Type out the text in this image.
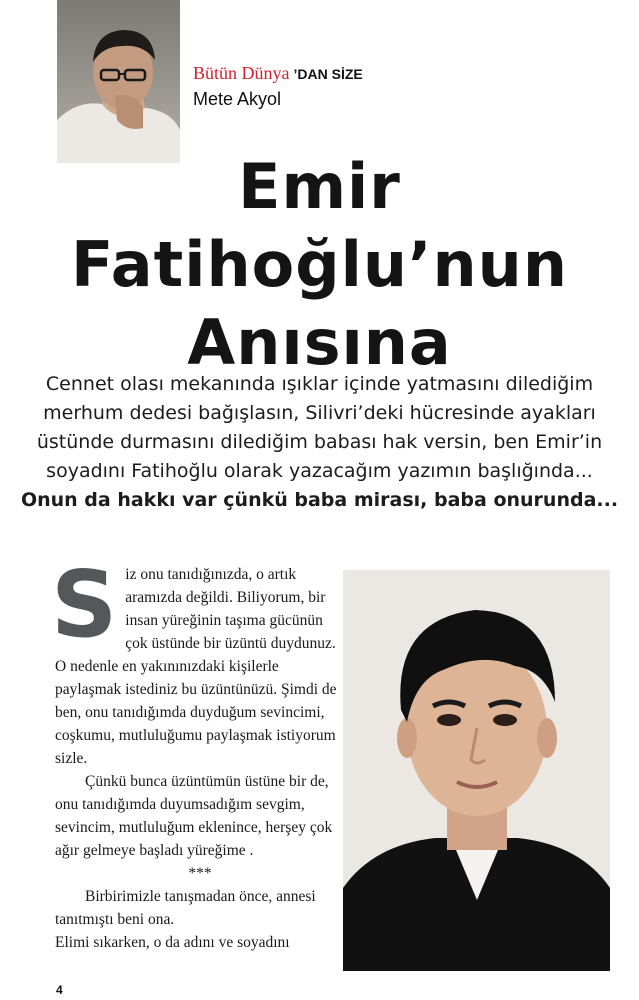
Bütün Dünya ’DAN SİZE
Mete Akyol
Emir
Fatihoğlu’nun
Anısına

Cennet olası mekanında ışıklar içinde yatmasını dilediğim merhum dedesi bağışlasın, Silivri’deki hücresinde ayakları üstünde durmasını dilediğim babası hak versin, ben Emir’in soyadını Fatihoğlu olarak yazacağım yazımın başlığında... Onun da hakkı var çünkü baba mirası, baba onurunda...

S iz onu tanıdığınızda, o artık aramızda değildi. Biliyorum, bir insan yüreğinin taşıma gücünün çok üstünde bir üzüntü duydunuz. O nedenle en yakınınızdaki kişilerle paylaşmak istediniz bu üzüntünüzü. Şimdi de ben, onu tanıdığımda duyduğum sevincimi, coşkumu, mutluluğumu paylaşmak istiyorum sizle.

Çünkü bunca üzüntümün üstüne bir de, onu tanıdığımda duyumsadığım sevgim, sevincim, mutluluğum eklenince, herşey çok ağır gelmeye başladı yüreğime .

***

Birbirimizle tanışmadan önce, annesi tanıtmıştı beni ona.

Elimi sıkarken, o da adını ve soyadını

4
